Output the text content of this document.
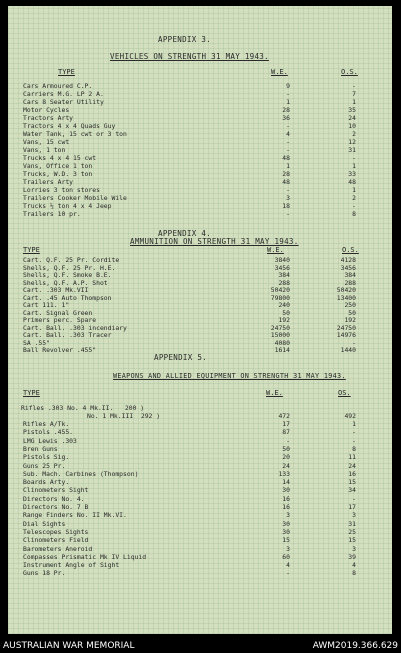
APPENDIX 3.
VEHICLES ON STRENGTH 31 MAY 1943.
TYPE	W.E.	O.S.
Cars Armoured C.P.	9	-
Carriers M.G. LP 2 A.	-	7
Cars 8 Seater Utility	1	1
Motor Cycles	28	35
Tractors Arty	36	24
Tractors 4 x 4 Quads Guy	-	10
Water Tank, 15 cwt or 3 ton	4	2
Vans, 15 cwt	-	12
Vans, 1 ton	-	31
Trucks 4 x 4 15 cwt	48	-
Vans, Office 1 ton	1	1
Trucks, W.D. 3 ton	28	33
Trailers Arty	48	48
Lorries 3 ton stores	-	1
Trailers Cooker Mobile Wile	3	2
Trucks ½ ton 4 x 4 Jeep	18	-
Trailers 10 pr.	-	8
APPENDIX 4.
AMMUNITION ON STRENGTH 31 MAY 1943.
TYPE	W.E.	O.S.
Cart. Q.F. 25 Pr. Cordite	3840	4128
Shells, Q.F. 25 Pr. H.E.	3456	3456
Shells, Q.F. Smoke B.E.	384	384
Shells, Q.F. A.P. Shot	288	288
Cart. .303 Mk.VII	50420	50420
Cart. .45 Auto Thompson	79800	13400
Cart 111. 1"	240	250
Cart. Signal Green	50	50
Primers perc. Spare	192	192
Cart. Ball. .303 incendiary	24750	24750
Cart. Ball. .303 Tracer	15000	14976
SA .55"	4080	-
Ball Revolver .455"	1614	1440
APPENDIX 5.
WEAPONS AND ALLIED EQUIPMENT ON STRENGTH 31 MAY 1943.
TYPE	W.E.	OS.
Rifles .303 No. 4 Mk.II.   200 )
No. 1 Mk.III  292 )	472	492
Rifles A/Tk.	17	1
Pistols .455.	87	-
LMG Lewis .303	-	-
Bren Guns	50	8
Pistols Sig.	20	11
Guns 25 Pr.	24	24
Sub. Mach. Carbines (Thompson)	133	16
Boards Arty.	14	15
Clinometers Sight	30	34
Directors No. 4.	16	-
Directors No. 7 B	16	17
Range Finders No. II Mk.VI.	3	3
Dial Sights	30	31
Telescopes Sights	30	25
Clinometers Field	15	15
Barometers Aneroid	3	3
Compasses Prismatic Mk IV Liquid	60	39
Instrument Angle of Sight	4	4
Guns 18 Pr.	-	8
AUSTRALIAN WAR MEMORIAL	AWM2019.366.629
